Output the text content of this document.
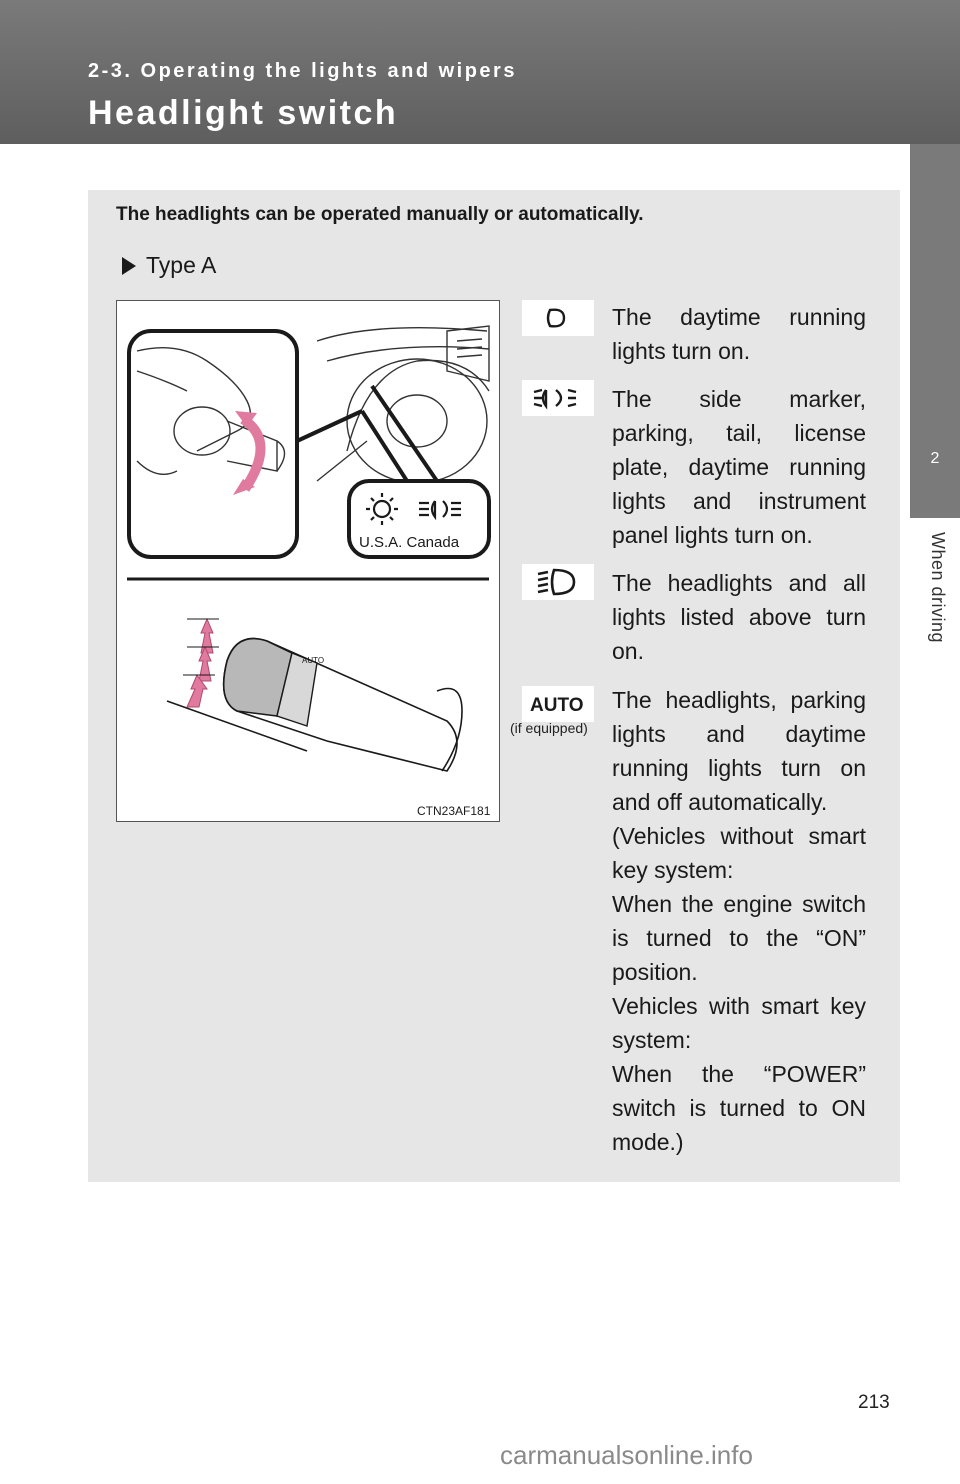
2-3. Operating the lights and wipers
Headlight switch
2
When driving
The headlights can be operated manually or automatically.
Type A
U.S.A. Canada
AUTO
CTN23AF181
AUTO
(if equipped)

The daytime running lights turn on.

The side marker, parking, tail, license plate, daytime running lights and instrument panel lights turn on.

The headlights and all lights listed above turn on.

The headlights, parking lights and daytime running lights turn on and off automatically.

(Vehicles without smart key system:

When the engine switch is turned to the “ON” position.

Vehicles with smart key system:

When the “POWER” switch is turned to ON mode.)

213
carmanualsonline.info
